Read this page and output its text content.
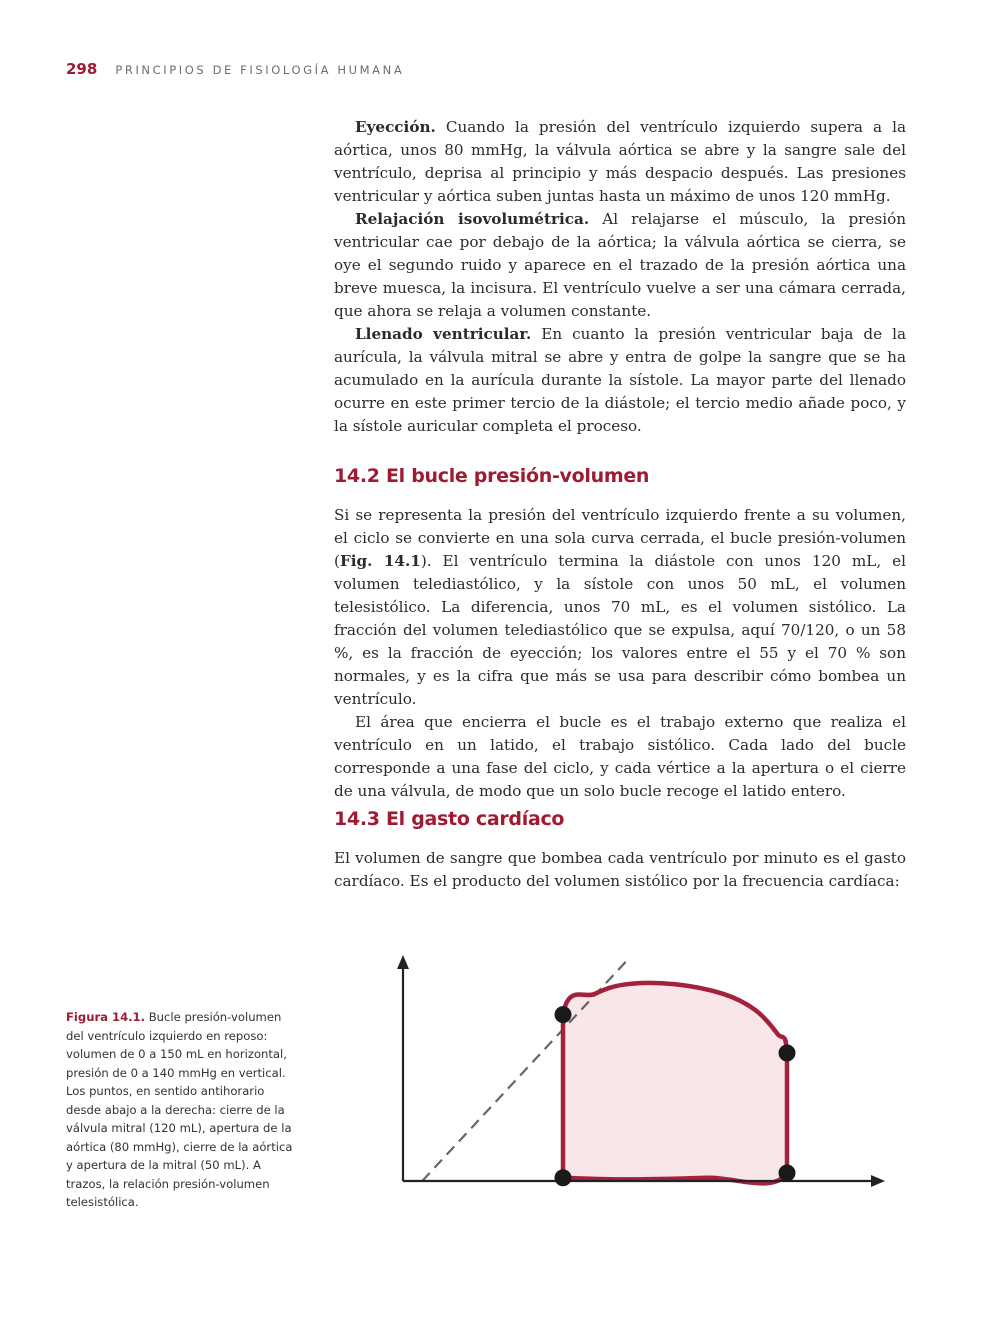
298 PRINCIPIOS DE FISIOLOGÍA HUMANA

Eyección. Cuando la presión del ventrículo izquierdo supera a la aórtica, unos 80 mmHg, la válvula aórtica se abre y la sangre sale del ventrículo, deprisa al principio y más despacio después. Las presiones ventricular y aórtica suben juntas hasta un máximo de unos 120 mmHg.

Relajación isovolumétrica. Al relajarse el músculo, la presión ventricular cae por debajo de la aórtica; la válvula aórtica se cierra, se oye el segundo ruido y aparece en el trazado de la presión aórtica una breve muesca, la incisura. El ventrículo vuelve a ser una cámara cerrada, que ahora se relaja a volumen constante.

Llenado ventricular. En cuanto la presión ventricular baja de la aurícula, la válvula mitral se abre y entra de golpe la sangre que se ha acumulado en la aurícula durante la sístole. La mayor parte del llenado ocurre en este primer tercio de la diástole; el tercio medio añade poco, y la sístole auricular completa el proceso.

14.2 El bucle presión-volumen

Si se representa la presión del ventrículo izquierdo frente a su volumen, el ciclo se convierte en una sola curva cerrada, el bucle presión-volumen (Fig. 14.1). El ventrículo termina la diástole con unos 120 mL, el volumen telediastólico, y la sístole con unos 50 mL, el volumen telesistólico. La diferencia, unos 70 mL, es el volumen sistólico. La fracción del volumen telediastólico que se expulsa, aquí 70/120, o un 58 %, es la fracción de eyección; los valores entre el 55 y el 70 % son normales, y es la cifra que más se usa para describir cómo bombea un ventrículo.

El área que encierra el bucle es el trabajo externo que realiza el ventrículo en un latido, el trabajo sistólico. Cada lado del bucle corresponde a una fase del ciclo, y cada vértice a la apertura o el cierre de una válvula, de modo que un solo bucle recoge el latido entero.

14.3 El gasto cardíaco

El volumen de sangre que bombea cada ventrículo por minuto es el gasto cardíaco. Es el producto del volumen sistólico por la frecuencia cardíaca:

Figura 14.1. Bucle presión-volumen del ventrículo izquierdo en reposo: volumen de 0 a 150 mL en horizontal, presión de 0 a 140 mmHg en vertical. Los puntos, en sentido antihorario desde abajo a la derecha: cierre de la válvula mitral (120 mL), apertura de la aórtica (80 mmHg), cierre de la aórtica y apertura de la mitral (50 mL). A trazos, la relación presión-volumen telesistólica.
